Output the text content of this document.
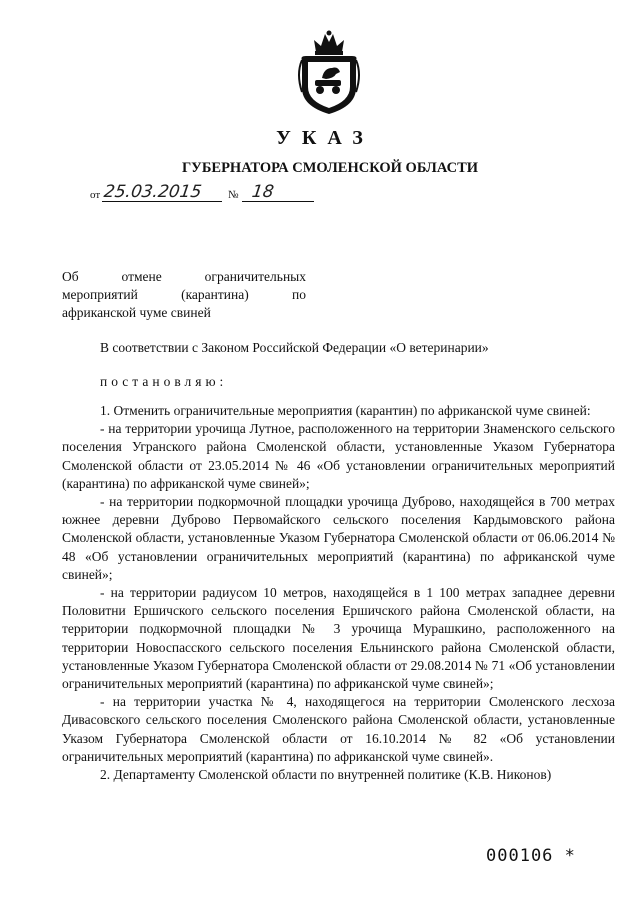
УКАЗ
ГУБЕРНАТОРА СМОЛЕНСКОЙ ОБЛАСТИ
от 25.03.2015 № 18
Об отмене ограничительных
мероприятий (карантина) по
африканской чуме свиней
В соответствии с Законом Российской Федерации «О ветеринарии»
постановляю:

1. Отменить ограничительные мероприятия (карантин) по африканской чуме свиней:

- на территории урочища Лутное, расположенного на территории Знаменского сельского поселения Угранского района Смоленской области, установленные Указом Губернатора Смоленской области от 23.05.2014 № 46 «Об установлении ограничительных мероприятий (карантина) по африканской чуме свиней»;

- на территории подкормочной площадки урочища Дуброво, находящейся в 700 метрах южнее деревни Дуброво Первомайского сельского поселения Кардымовского района Смоленской области, установленные Указом Губернатора Смоленской области от 06.06.2014 № 48 «Об установлении ограничительных мероприятий (карантина) по африканской чуме свиней»;

- на территории радиусом 10 метров, находящейся в 1 100 метрах западнее деревни Половитни Ершичского сельского поселения Ершичского района Смоленской области, на территории подкормочной площадки № 3 урочища Мурашкино, расположенного на территории Новоспасского сельского поселения Ельнинского района Смоленской области, установленные Указом Губернатора Смоленской области от 29.08.2014 № 71 «Об установлении ограничительных мероприятий (карантина) по африканской чуме свиней»;

- на территории участка № 4, находящегося на территории Смоленского лесхоза Дивасовского сельского поселения Смоленского района Смоленской области, установленные Указом Губернатора Смоленской области от 16.10.2014 № 82 «Об установлении ограничительных мероприятий (карантина) по африканской чуме свиней».

2. Департаменту Смоленской области по внутренней политике (К.В. Никонов)

000106 *
